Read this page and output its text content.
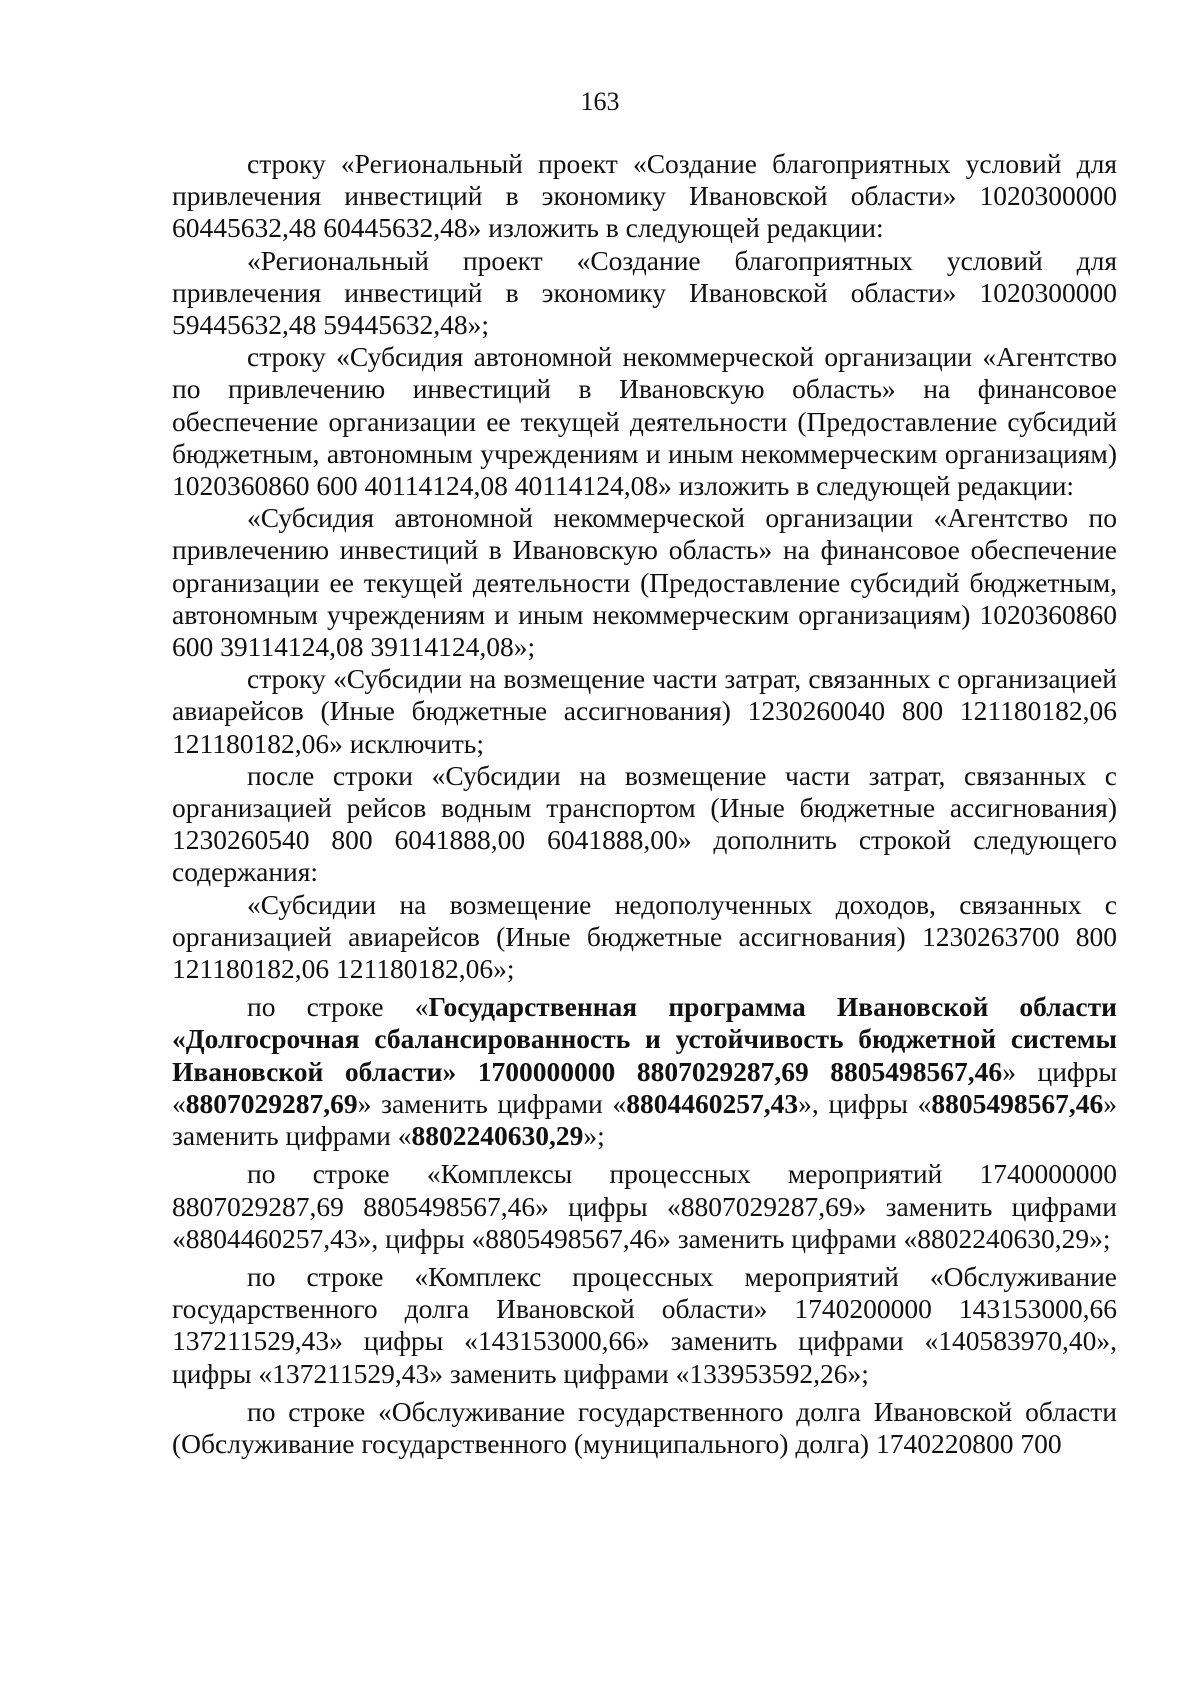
163

строку «Региональный проект «Создание благоприятных условий для привлечения инвестиций в экономику Ивановской области» 1020300000 60445632,48 60445632,48» изложить в следующей редакции:

«Региональный проект «Создание благоприятных условий для привлечения инвестиций в экономику Ивановской области» 1020300000 59445632,48 59445632,48»;

строку «Субсидия автономной некоммерческой организации «Агентство по привлечению инвестиций в Ивановскую область» на финансовое обеспечение организации ее текущей деятельности (Предоставление субсидий бюджетным, автономным учреждениям и иным некоммерческим организациям) 1020360860 600 40114124,08 40114124,08» изложить в следующей редакции:

«Субсидия автономной некоммерческой организации «Агентство по привлечению инвестиций в Ивановскую область» на финансовое обеспечение организации ее текущей деятельности (Предоставление субсидий бюджетным, автономным учреждениям и иным некоммерческим организациям) 1020360860 600 39114124,08 39114124,08»;

строку «Субсидии на возмещение части затрат, связанных с организацией авиарейсов (Иные бюджетные ассигнования) 1230260040 800 121180182,06 121180182,06» исключить;

после строки «Субсидии на возмещение части затрат, связанных с организацией рейсов водным транспортом (Иные бюджетные ассигнования) 1230260540 800 6041888,00 6041888,00» дополнить строкой следующего содержания:

«Субсидии на возмещение недополученных доходов, связанных с организацией авиарейсов (Иные бюджетные ассигнования) 1230263700 800 121180182,06 121180182,06»;

по строке «Государственная программа Ивановской области «Долгосрочная сбалансированность и устойчивость бюджетной системы Ивановской области» 1700000000 8807029287,69 8805498567,46» цифры «8807029287,69» заменить цифрами «8804460257,43», цифры «8805498567,46» заменить цифрами «8802240630,29»;

по строке «Комплексы процессных мероприятий 1740000000 8807029287,69 8805498567,46» цифры «8807029287,69» заменить цифрами «8804460257,43», цифры «8805498567,46» заменить цифрами «8802240630,29»;

по строке «Комплекс процессных мероприятий «Обслуживание государственного долга Ивановской области» 1740200000 143153000,66 137211529,43» цифры «143153000,66» заменить цифрами «140583970,40», цифры «137211529,43» заменить цифрами «133953592,26»;

по строке «Обслуживание государственного долга Ивановской области (Обслуживание государственного (муниципального) долга) 1740220800 700
